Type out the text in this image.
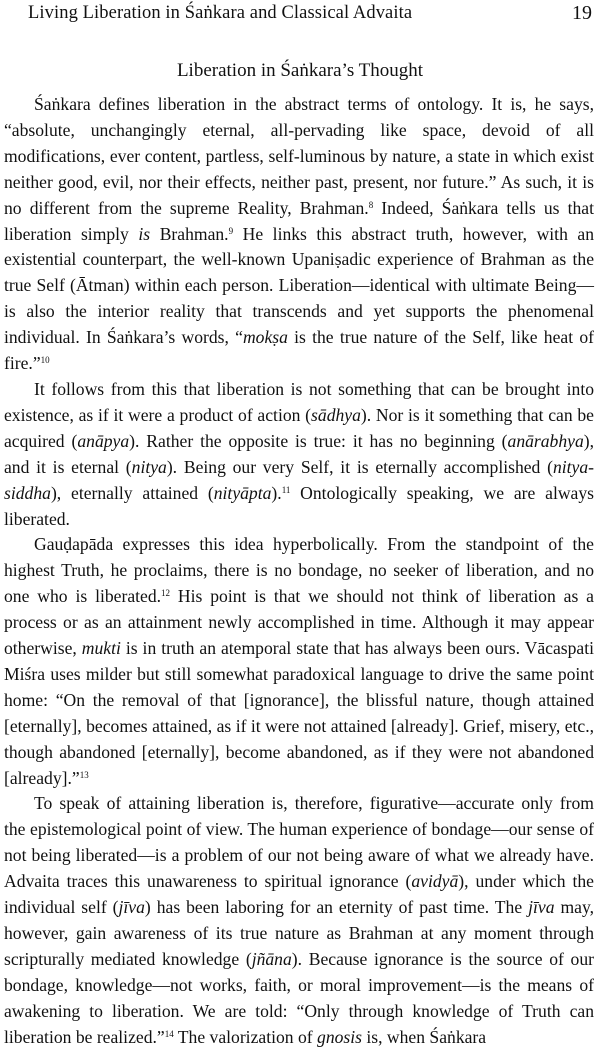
Living Liberation in Śaṅkara and Classical Advaita	19
Liberation in Śaṅkara’s Thought

Śaṅkara defines liberation in the abstract terms of ontology. It is, he says, “absolute, unchangingly eternal, all-pervading like space, devoid of all modifications, ever content, partless, self-luminous by nature, a state in which exist neither good, evil, nor their effects, neither past, present, nor future.” As such, it is no different from the supreme Reality, Brahman.$^8$ Indeed, Śaṅkara tells us that liberation simply is Brahman.$^9$ He links this abstract truth, however, with an existential counterpart, the well-known Upaniṣadic experience of Brahman as the true Self (Ātman) within each person. Liberation—identical with ultimate Being—is also the interior reality that transcends and yet supports the phenomenal individual. In Śaṅkara’s words, “mokṣa is the true nature of the Self, like heat of fire.”$^{10}$

It follows from this that liberation is not something that can be brought into existence, as if it were a product of action (sādhya). Nor is it something that can be acquired (anāpya). Rather the opposite is true: it has no beginning (anārabhya), and it is eternal (nitya). Being our very Self, it is eternally accomplished (nitya-siddha), eternally attained (nityāpta).$^{11}$ Ontologically speaking, we are always liberated.

Gauḍapāda expresses this idea hyperbolically. From the standpoint of the highest Truth, he proclaims, there is no bondage, no seeker of liberation, and no one who is liberated.$^{12}$ His point is that we should not think of liberation as a process or as an attainment newly accomplished in time. Although it may appear otherwise, mukti is in truth an atemporal state that has always been ours. Vācaspati Miśra uses milder but still somewhat paradoxical language to drive the same point home: “On the removal of that [ignorance], the blissful nature, though attained [eternally], becomes attained, as if it were not attained [already]. Grief, misery, etc., though abandoned [eternally], become abandoned, as if they were not abandoned [already].”$^{13}$

To speak of attaining liberation is, therefore, figurative—accurate only from the epistemological point of view. The human experience of bondage—our sense of not being liberated—is a problem of our not being aware of what we already have. Advaita traces this unawareness to spiritual ignorance (avidyā), under which the individual self (jīva) has been laboring for an eternity of past time. The jīva may, however, gain awareness of its true nature as Brahman at any moment through scripturally mediated knowledge (jñāna). Because ignorance is the source of our bondage, knowledge—not works, faith, or moral improvement—is the means of awakening to liberation. We are told: “Only through knowledge of Truth can liberation be realized.”$^{14}$ The valorization of gnosis is, when Śaṅkara
